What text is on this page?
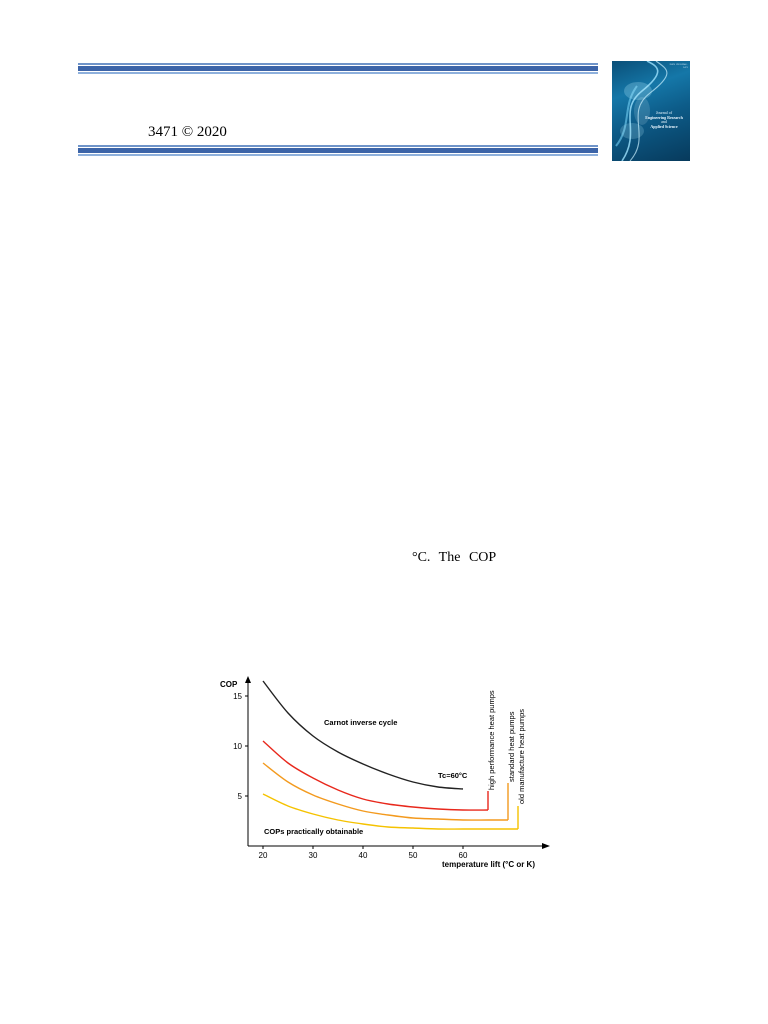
3471 © 2020
ISSN 1919-9946 · 3471
Journal of
Engineering Research
and
Applied Science
°C. The COP
5
10
15
20	30	40	50	60
COP
temperature lift (°C or K)
Carnot inverse cycle
Tc=60°C
COPs practically obtainable
high performance heat pumps standard heat pumps old manufacture heat pumps
